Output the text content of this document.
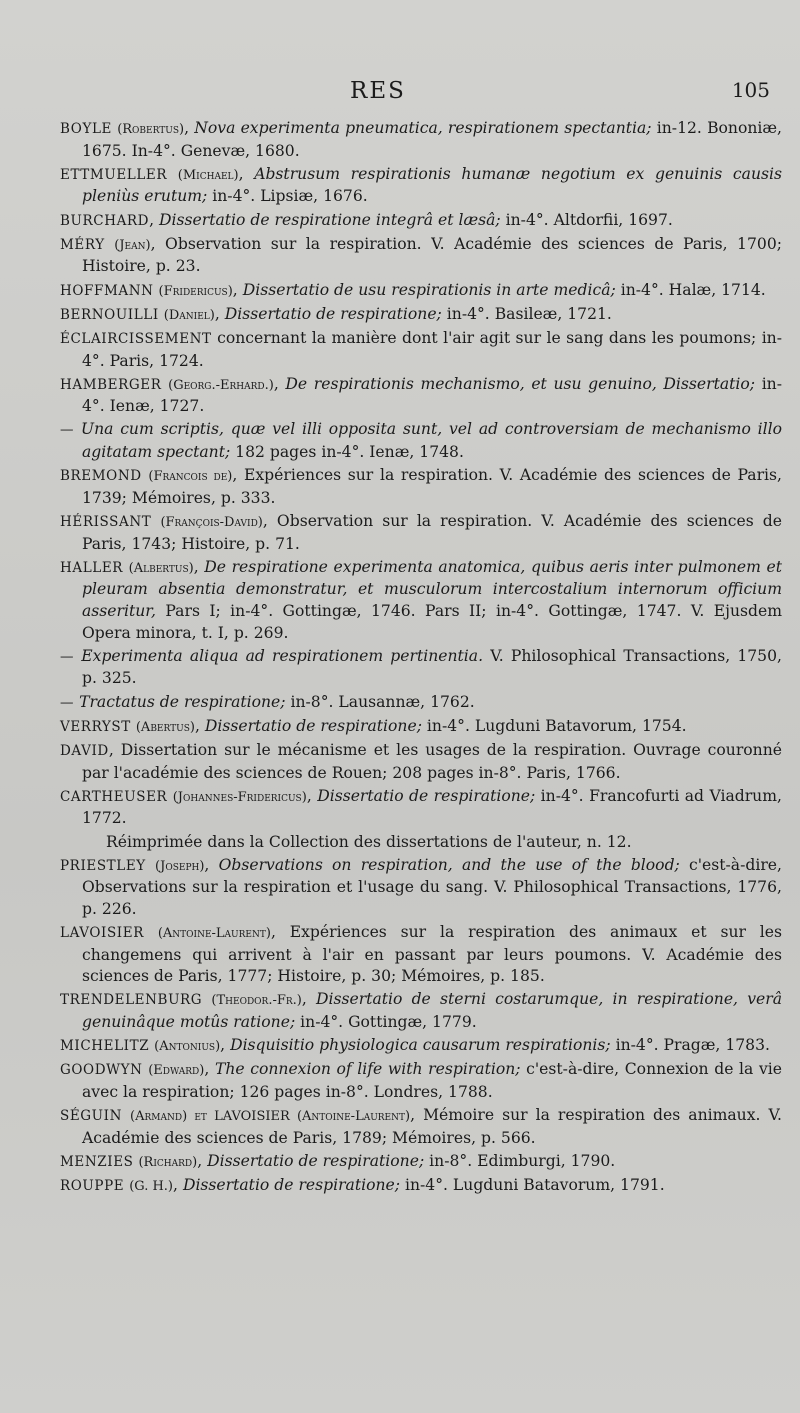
RES	105

BOYLE (Robertus), Nova experimenta pneumatica, respirationem spectantia; in-12. Bononiæ, 1675. In-4°. Genevæ, 1680.

ETTMUELLER (Michael), Abstrusum respirationis humanæ negotium ex genuinis causis pleniùs erutum; in-4°. Lipsiæ, 1676.

BURCHARD, Dissertatio de respiratione integrâ et læsâ; in-4°. Altdorfii, 1697.

MÉRY (Jean), Observation sur la respiration. V. Académie des sciences de Paris, 1700; Histoire, p. 23.

HOFFMANN (Fridericus), Dissertatio de usu respirationis in arte medicâ; in-4°. Halæ, 1714.

BERNOUILLI (Daniel), Dissertatio de respiratione; in-4°. Basileæ, 1721.

ÉCLAIRCISSEMENT concernant la manière dont l'air agit sur le sang dans les poumons; in-4°. Paris, 1724.

HAMBERGER (Georg.-Erhard.), De respirationis mechanismo, et usu genuino, Dissertatio; in-4°. Ienæ, 1727.

— Una cum scriptis, quæ vel illi opposita sunt, vel ad controversiam de mechanismo illo agitatam spectant; 182 pages in-4°. Ienæ, 1748.

BREMOND (Francois de), Expériences sur la respiration. V. Académie des sciences de Paris, 1739; Mémoires, p. 333.

HÉRISSANT (François-David), Observation sur la respiration. V. Académie des sciences de Paris, 1743; Histoire, p. 71.

HALLER (Albertus), De respiratione experimenta anatomica, quibus aeris inter pulmonem et pleuram absentia demonstratur, et musculorum intercostalium internorum officium asseritur, Pars I; in-4°. Gottingæ, 1746. Pars II; in-4°. Gottingæ, 1747. V. Ejusdem Opera minora, t. I, p. 269.

— Experimenta aliqua ad respirationem pertinentia. V. Philosophical Transactions, 1750, p. 325.

— Tractatus de respiratione; in-8°. Lausannæ, 1762.

VERRYST (Abertus), Dissertatio de respiratione; in-4°. Lugduni Batavorum, 1754.

DAVID, Dissertation sur le mécanisme et les usages de la respiration. Ouvrage couronné par l'académie des sciences de Rouen; 208 pages in-8°. Paris, 1766.

CARTHEUSER (Johannes-Fridericus), Dissertatio de respiratione; in-4°. Francofurti ad Viadrum, 1772.

Réimprimée dans la Collection des dissertations de l'auteur, n. 12.

PRIESTLEY (Joseph), Observations on respiration, and the use of the blood; c'est-à-dire, Observations sur la respiration et l'usage du sang. V. Philosophical Transactions, 1776, p. 226.

LAVOISIER (Antoine-Laurent), Expériences sur la respiration des animaux et sur les changemens qui arrivent à l'air en passant par leurs poumons. V. Académie des sciences de Paris, 1777; Histoire, p. 30; Mémoires, p. 185.

TRENDELENBURG (Theodor.-Fr.), Dissertatio de sterni costarumque, in respiratione, verâ genuinâque motûs ratione; in-4°. Gottingæ, 1779.

MICHELITZ (Antonius), Disquisitio physiologica causarum respirationis; in-4°. Pragæ, 1783.

GOODWYN (Edward), The connexion of life with respiration; c'est-à-dire, Connexion de la vie avec la respiration; 126 pages in-8°. Londres, 1788.

SÉGUIN (Armand) et LAVOISIER (Antoine-Laurent), Mémoire sur la respiration des animaux. V. Académie des sciences de Paris, 1789; Mémoires, p. 566.

MENZIES (Richard), Dissertatio de respiratione; in-8°. Edimburgi, 1790.

ROUPPE (G. H.), Dissertatio de respiratione; in-4°. Lugduni Batavorum, 1791.
